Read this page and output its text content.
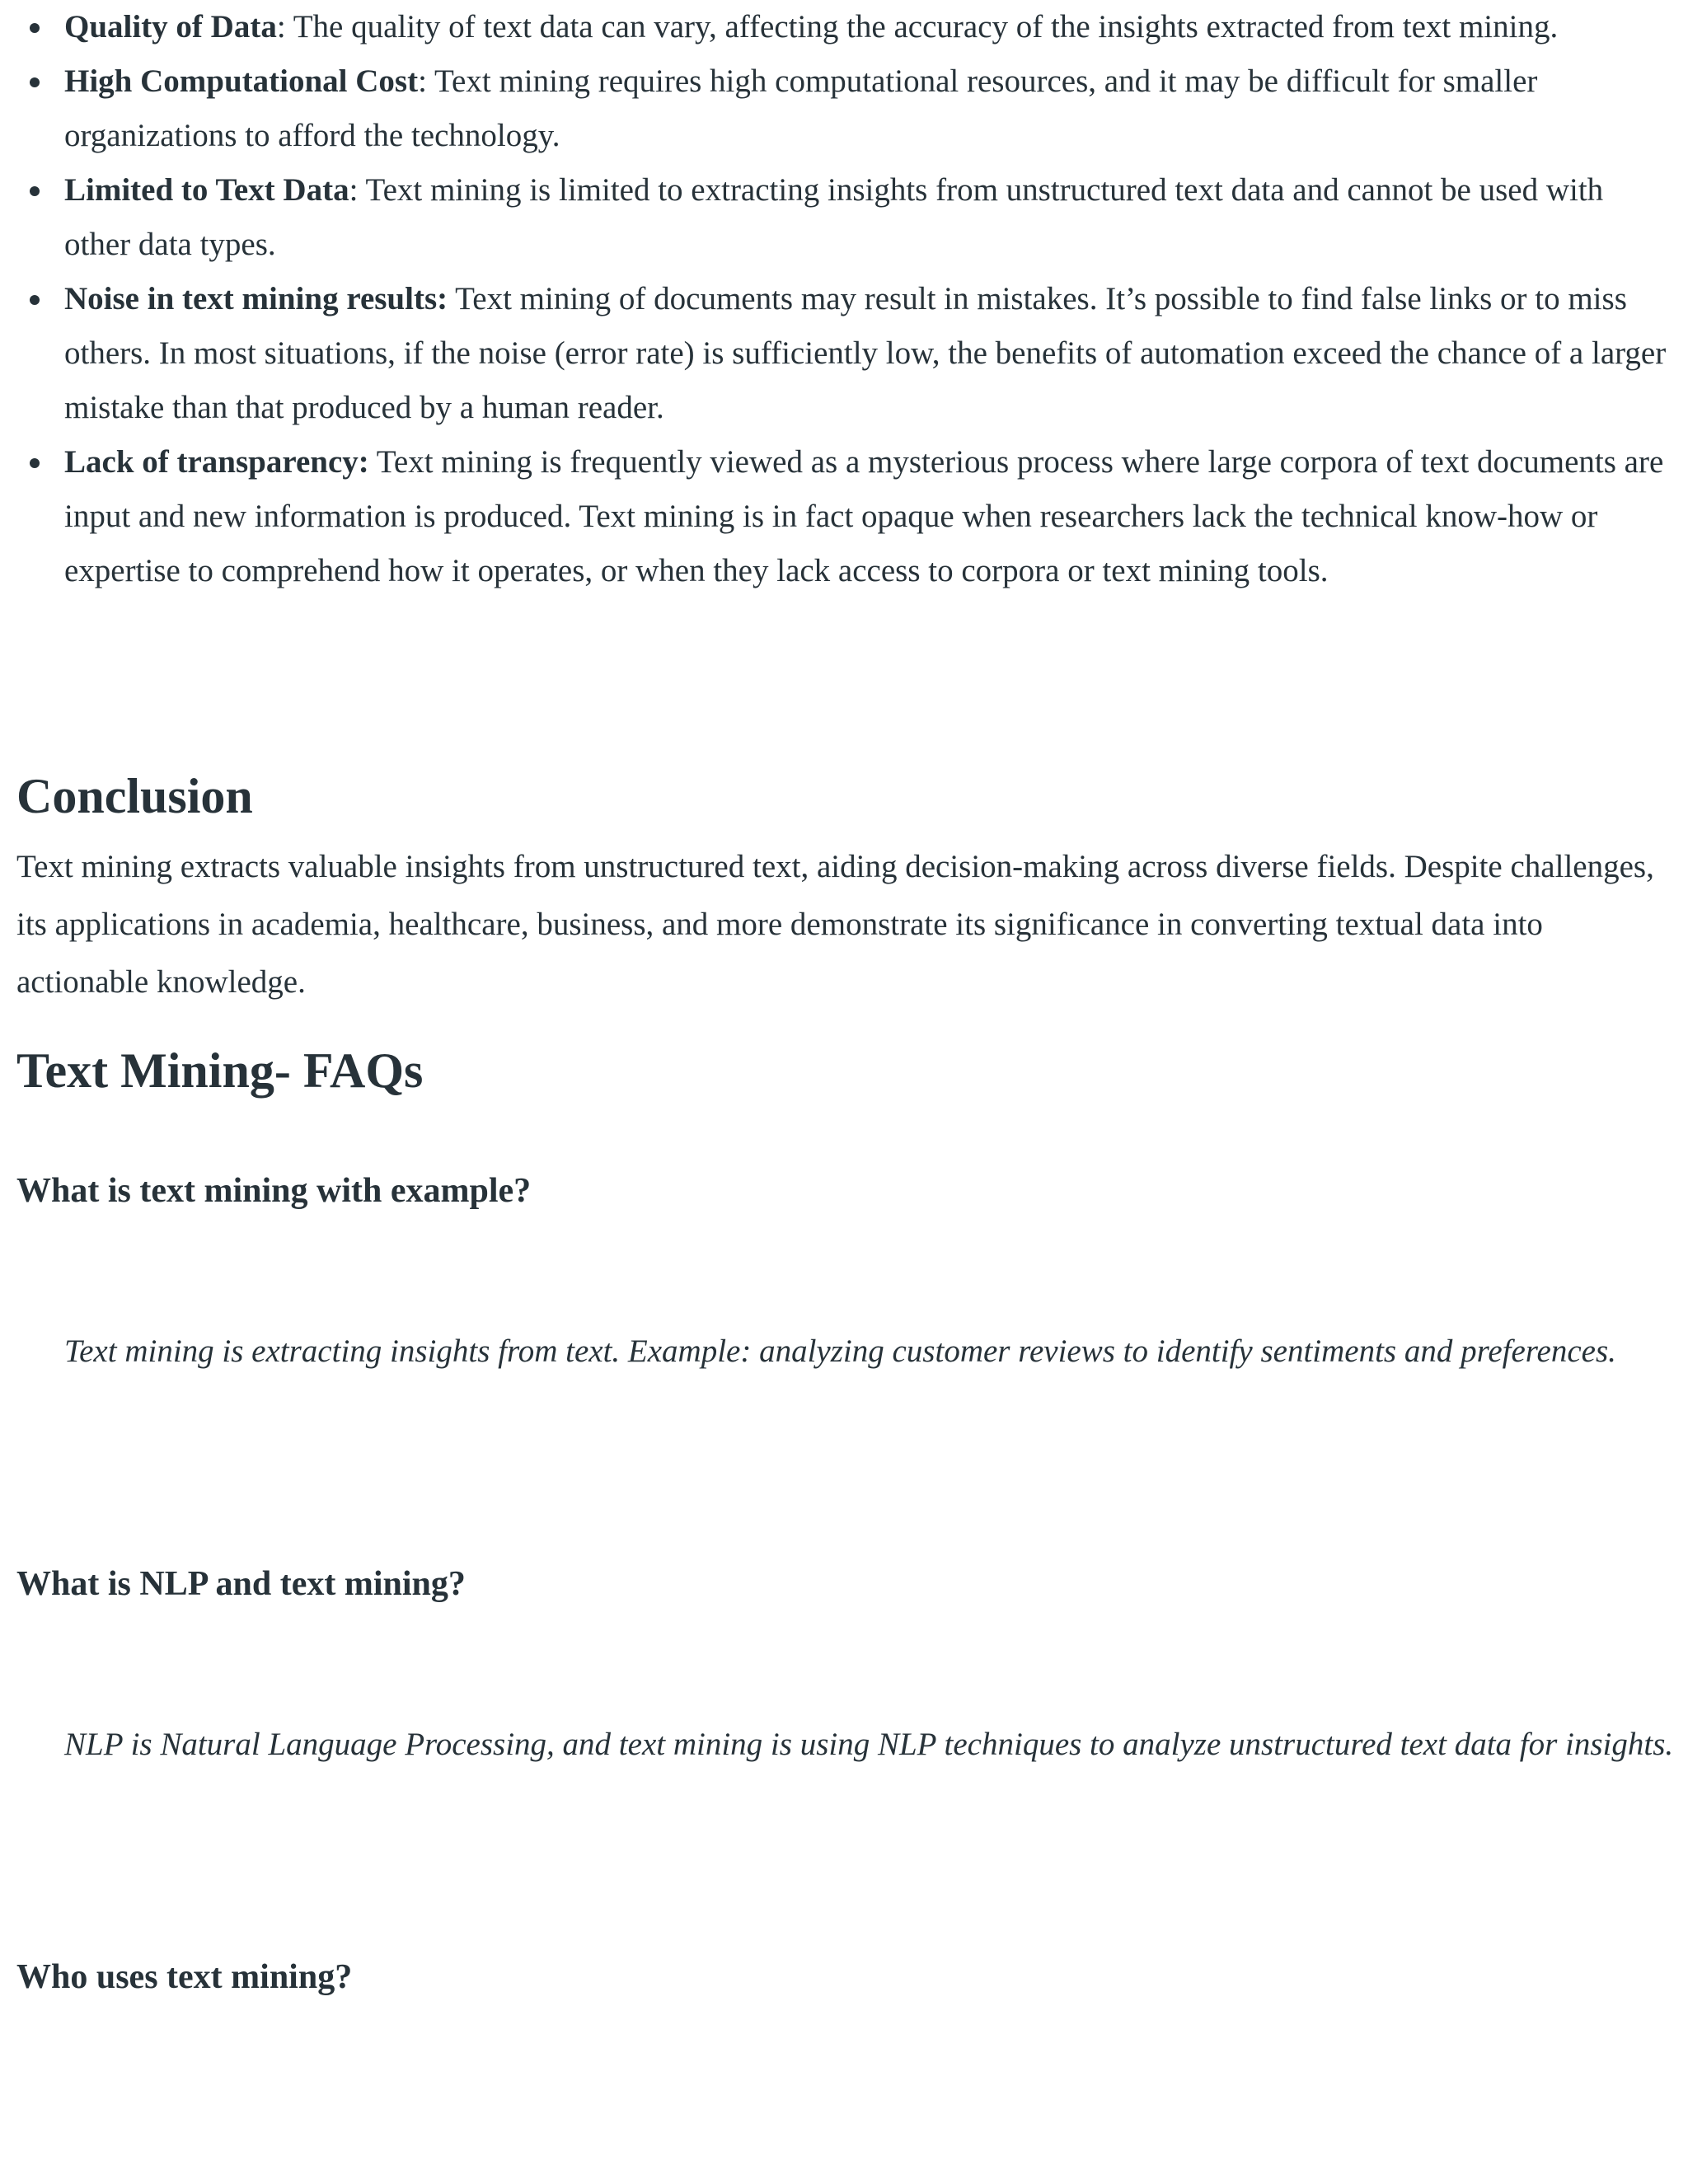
Quality of Data: The quality of text data can vary, affecting the accuracy of the insights extracted from text mining.
High Computational Cost: Text mining requires high computational resources, and it may be difficult for smaller organizations to afford the technology.
Limited to Text Data: Text mining is limited to extracting insights from unstructured text data and cannot be used with other data types.
Noise in text mining results: Text mining of documents may result in mistakes. It’s possible to find false links or to miss others. In most situations, if the noise (error rate) is sufficiently low, the benefits of automation exceed the chance of a larger mistake than that produced by a human reader.
Lack of transparency: Text mining is frequently viewed as a mysterious process where large corpora of text documents are input and new information is produced. Text mining is in fact opaque when researchers lack the technical know-how or expertise to comprehend how it operates, or when they lack access to corpora or text mining tools.
Conclusion

Text mining extracts valuable insights from unstructured text, aiding decision-making across diverse fields. Despite challenges, its applications in academia, healthcare, business, and more demonstrate its significance in converting textual data into actionable knowledge.

Text Mining- FAQs
What is text mining with example?

Text mining is extracting insights from text. Example: analyzing customer reviews to identify sentiments and preferences.

What is NLP and text mining?

NLP is Natural Language Processing, and text mining is using NLP techniques to analyze unstructured text data for insights.

Who uses text mining?
